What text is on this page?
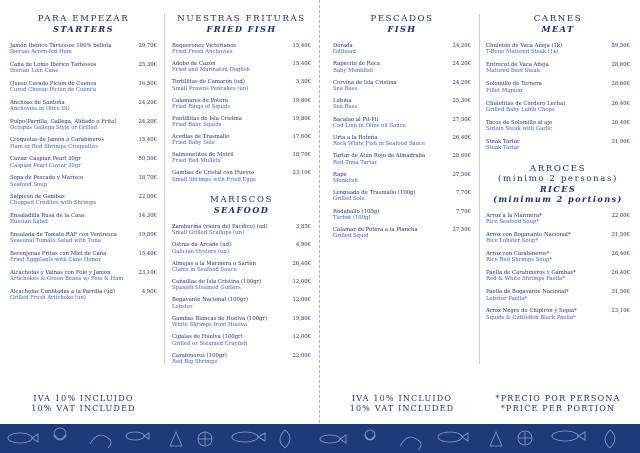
PARA EMPEZAR
STARTERS
Jamón Ibérico Tartessos 100% bellota
Iberian Acorn-fed Ham
29,70€
Caña de Lomo Ibérico Tartessos
Iberian Loin Cane
25,30€
Queso Curado Pición de Cuenca
Cured Cheese Pición de Cuenca
16,50€
Anchoas de Santoña
Anchovies in Olive Oil
24,20€
Pulpo(Parrilla, Gallega, Aliñado o Frito)
Octopus Gallega Style or Grilled
24,20€
Croquetas de Jamón o Carabineros
Ham or Red Shrimps Croquettes
15,40€
Caviar Caspian Pearl 30gr
Caspian Pearl Caviar 30gr
59,50€
Sopa de Pescado y Marisco
Seafood Soup
18,70€
Salpicón de Gambas
Chopped Crudités with Shrimps
22,00€
Ensaladilla Rusa de la Casa
Russian Salad
14,30€
Ensalada de Tomate RAF con Ventresca
Seasonal Tomato Salad with Tuna
19,80€
Berenjenas Fritas con Miel de Caña
Fried Eggplants with Cane Honey
15,40€
Alcachofas y Vainas con Foie y Jamón
Artichokes & Green Beans w/ Foie & Ham
23,10€
Alcachofas Confitadas a la Parrilla (ud)
Grilled Fresh Artichoke (un)
4,90€
IVA 10% INCLUIDO
10% VAT INCLUDED
NUESTRAS FRITURAS
FRIED FISH
Boquerones Victorianos
Fried Fresh Anchovies
15,40€
Adobo de Cazón
Fried and Marinated Dogfish
15,40€
Tortillitas de Camarón (ud)
Small Prawns Pancakes (un)
3,30€
Calamares de Potera
Fried Rings of Squids
19,80€
Puntillitas de Isla Cristina
Fried Baby Squids
19,80€
Acedías de Trasmallo
Fried Baby Sole
17,60€
Salmonetitos de Motril
Fried Red Mullets
18,70€
Gambas de Cristal con Huevos
Small Shrimps with Fried Eggs
23,10€
MARISCOS
SEAFOOD
Zamburiña (vieira del Pacífico) (ud)
Small Grilled Scallops (un)
3,85€
Ostras de Arcade (ud)
Galician Oysters (un)
4,90€
Almejas a la Marinera o Sartén
Clams in Seafood Sauce
26,40€
Cañaillas de Isla Cristina (100gr)
Spanish Steamed Gutters
12,00€
Bogavante Nacional (100gr)
Lobster
12,00€
Gambas Blancas de Huelva (100gr)
White Shrimps from Huelva
19,80€
Cigalas de Huelva (100gr)
Grilled or Steamed Crayfish
12,00€
Carabineros (100gr)
Red Big Shrimps
22,00€
PESCADOS
FISH
Dorada
Gilthead
24,20€
Rapecito de Roca
Baby Monkfish
24,20€
Corvina de Isla Cristina
Sea Bass
24,20€
Lubina
Sea Bass
25,30€
Bacalao al Pil-Pil
Cod Loin in Olive oil Sauce
27,50€
Urta a la Roteña
Rock White Fish in Seafood Sauce
26,40€
Tartar de Atún Rojo de Almadraba
Red Tuna Tartar
28,60€
Rape
Monkfish
27,50€
Lenguado de Trasmallo (100g)
Grilled Sole
7,70€
Rodaballo (100g)
Turbot (100g)
7,70€
Calamar de Potera a la Plancha
Grilled Squid
27,50€
IVA 10% INCLUIDO
10% VAT INCLUDED
CARNES
MEAT
Chuletón de Vaca Añeja (1k)
T-Bone Matured Steak (1k)
59,50€
Entrecot de Vaca Añeja
Matured Beef Steak
28,60€
Solomillo de Ternera
Fillet Mignon
28,60€
Chuletitas de Cordero Lechal
Grilled Baby Lamb Chops
26,40€
Tacos de Solomillo al ajo
Sirloin Steak with Garlic
26,40€
Steak Tartar
Steak Tartar
31,90€
ARROCES
(mínimo 2 personas)
RICES
(minimum 2 portions)
Arroz a la Marinera*
Rice Seafood Soup*
22,00€
Arroz con Bogavante Nacional*
Rice Lobster Soup*
31,50€
Arroz con Carabineros*
Rice Red Shrimps Soup*
26,40€
Paella de Carabineros y Gambas*
Red & White Shrimps Paella*
26,40€
Paella de Bogavante Nacional*
Lobster Paella*
31,50€
Arroz Negro de Chipirón y Sepia*
Squids & Cuttlefish Black Paella*
23,10€
*PRECIO POR PERSONA
*PRICE PER PORTION
